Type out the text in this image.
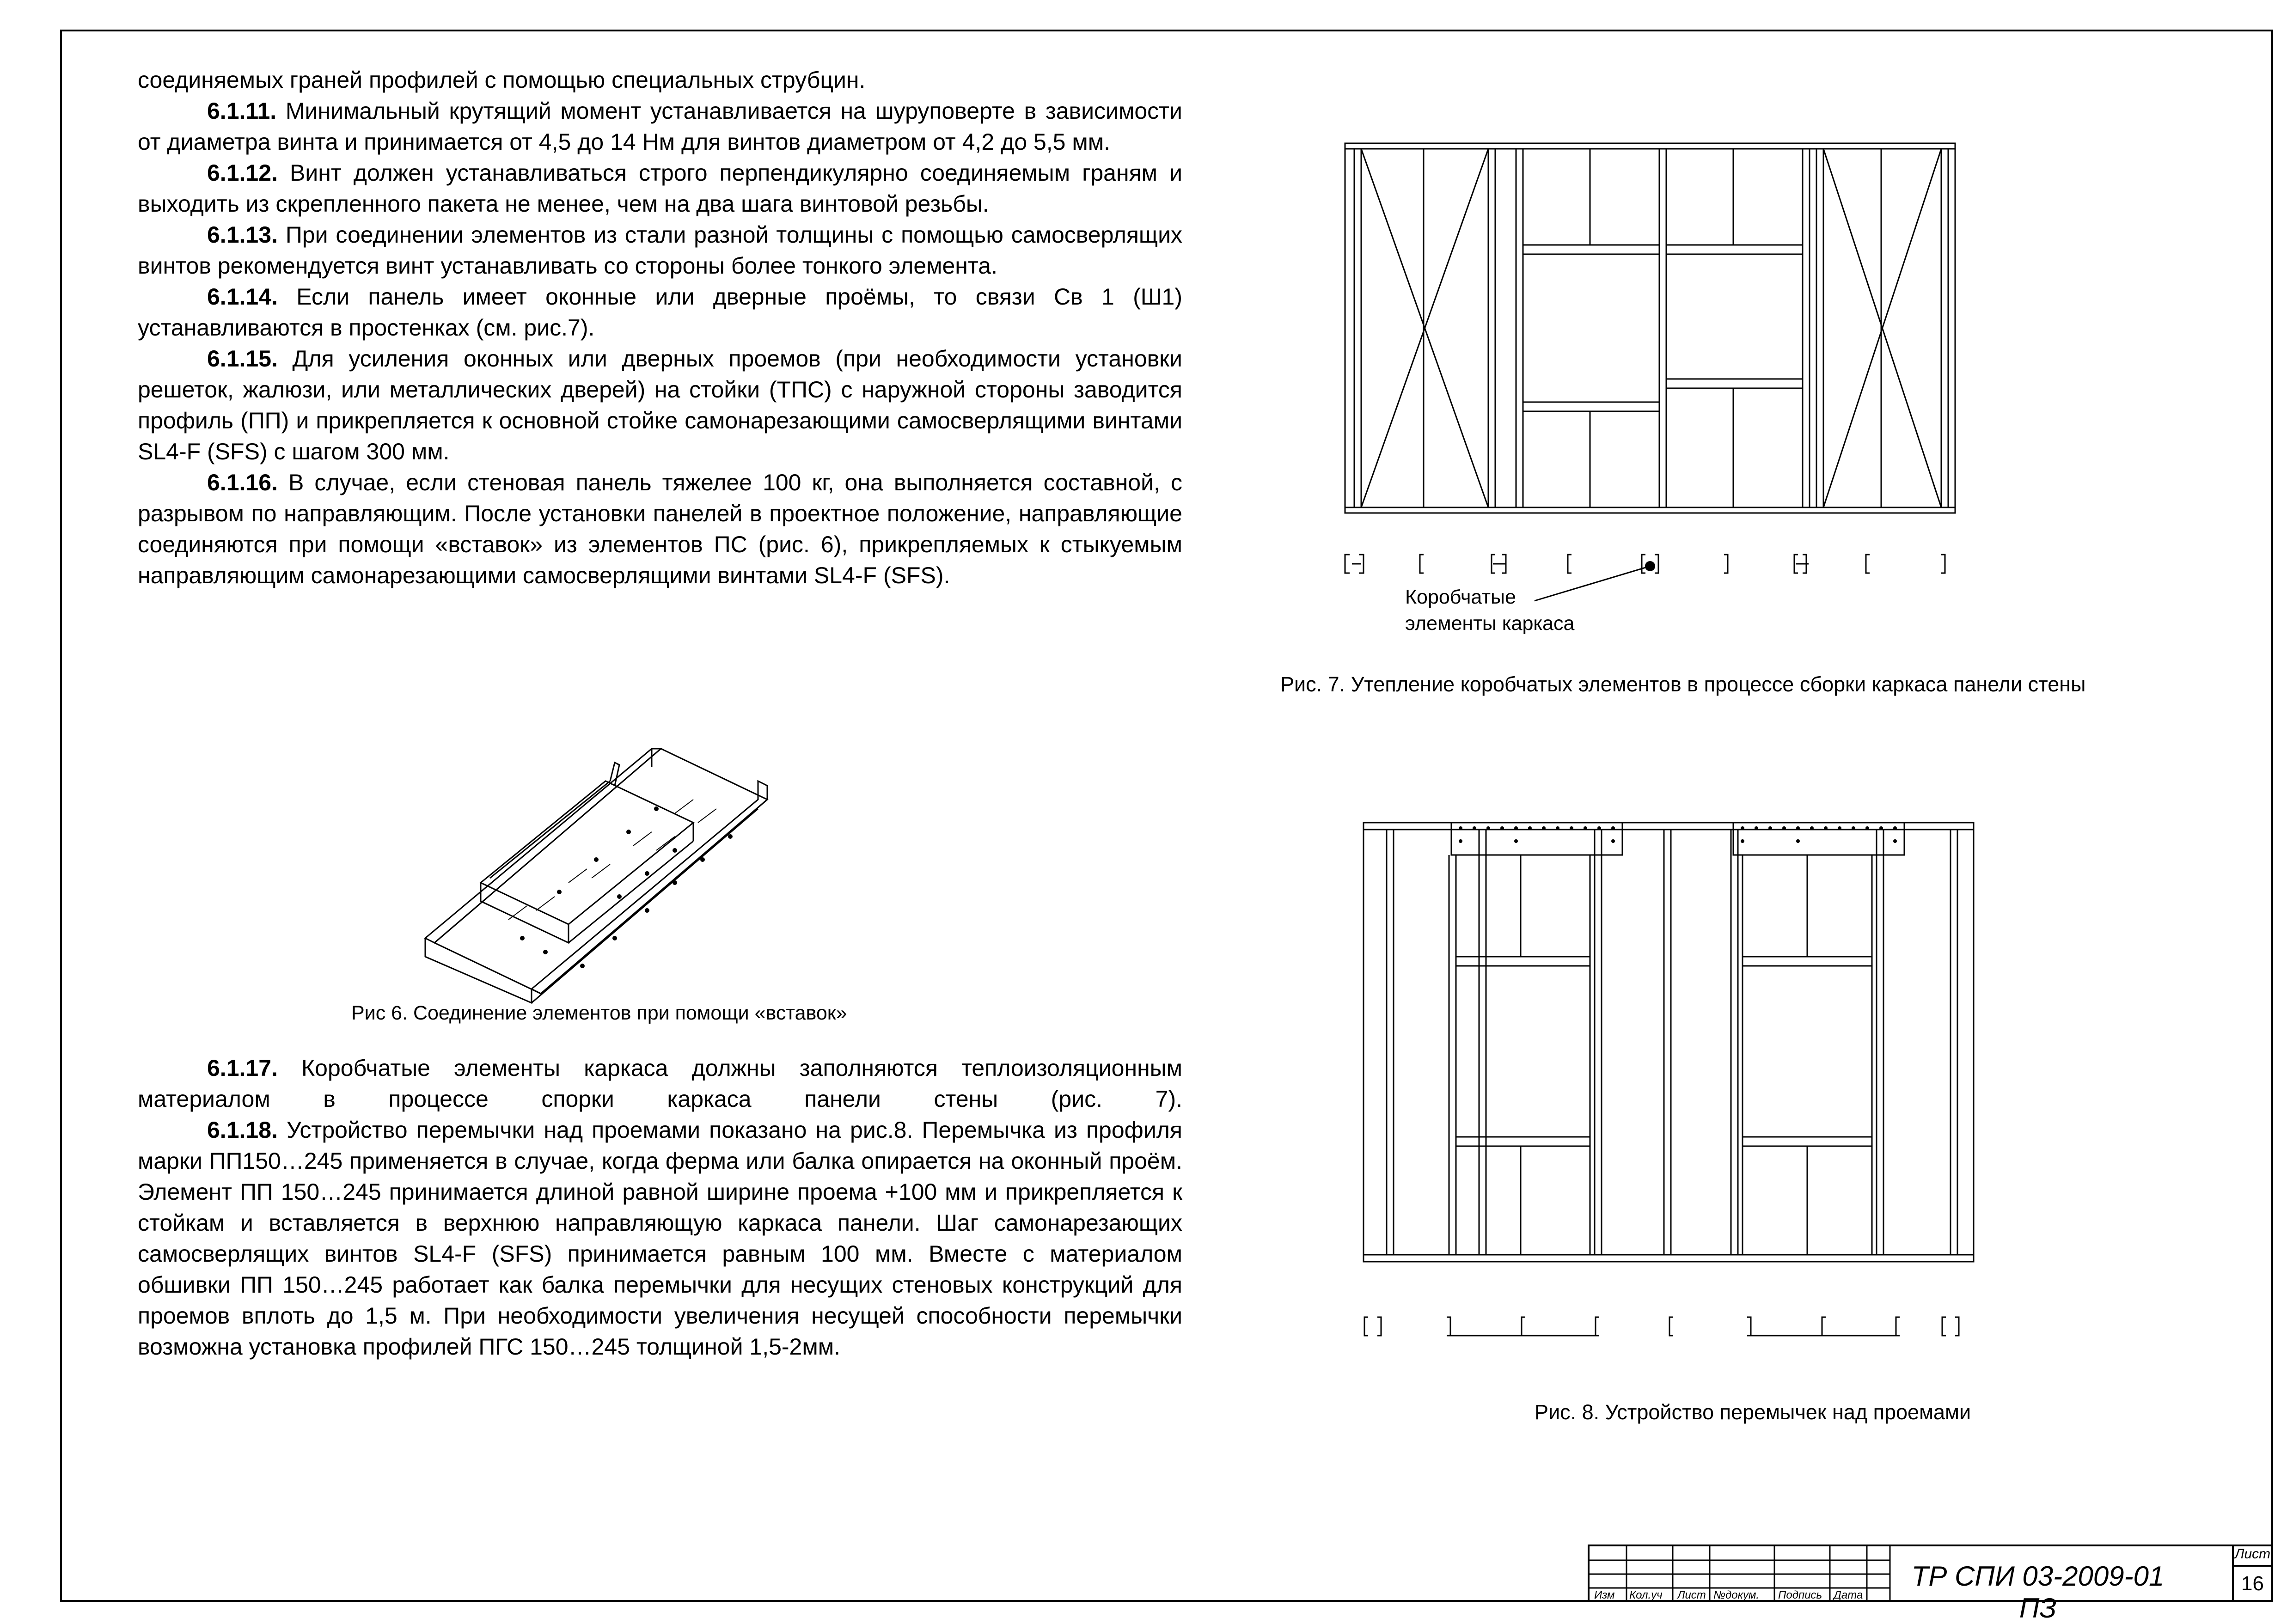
соединяемых граней профилей с помощью специальных струбцин.

6.1.11. Минимальный крутящий момент устанавливается на шуруповерте в зависимости от диаметра винта и принимается от 4,5 до 14 Нм для винтов диаметром от 4,2 до 5,5 мм.

6.1.12. Винт должен устанавливаться строго перпендикулярно соединяемым граням и выходить из скрепленного пакета не менее, чем на два шага винтовой резьбы.

6.1.13. При соединении элементов из стали разной толщины с помощью самосверлящих винтов рекомендуется винт устанавливать со стороны более тонкого элемента.

6.1.14. Если панель имеет оконные или дверные проёмы, то связи Св 1 (Ш1) устанавливаются в простенках (см. рис.7).

6.1.15. Для усиления оконных или дверных проемов (при необходимости установки решеток, жалюзи, или металлических дверей) на стойки (ТПС) с наружной стороны заводится профиль (ПП) и прикрепляется к основной стойке самонарезающими самосверлящими винтами SL4-F (SFS) с шагом 300 мм.

6.1.16. В случае, если стеновая панель тяжелее 100 кг, она выполняется составной, с разрывом по направляющим. После установки панелей в проектное положение, направляющие соединяются при помощи «вставок» из элементов ПС (рис. 6), прикрепляемых к стыкуемым направляющим самонарезающими самосверлящими винтами SL4-F (SFS).

Рис 6. Соединение элементов при помощи «вставок»

6.1.17. Коробчатые элементы каркаса должны заполняются теплоизоляционным материалом в процессе спорки каркаса панели стены (рис. 7).

6.1.18. Устройство перемычки над проемами показано на рис.8. Перемычка из профиля марки ПП150…245 применяется в случае, когда ферма или балка опирается на оконный проём. Элемент ПП 150…245 принимается длиной равной ширине проема +100 мм и прикрепляется к стойкам и вставляется в верхнюю направляющую каркаса панели. Шаг самонарезающих самосверлящих винтов SL4-F (SFS) принимается равным 100 мм. Вместе с материалом обшивки ПП 150…245 работает как балка перемычки для несущих стеновых конструкций для проемов вплоть до 1,5 м. При необходимости увеличения несущей способности перемычки возможна установка профилей ПГС 150…245 толщиной 1,5-2мм.

Коробчатые
элементы каркаса
Рис. 7. Утепление коробчатых элементов в процессе сборки каркаса панели стены
Рис. 8. Устройство перемычек над проемами
Изм Кол.уч Лист №докум. Подпись Дата
ТР СПИ 03-2009-01 ПЗ
Лист
16
